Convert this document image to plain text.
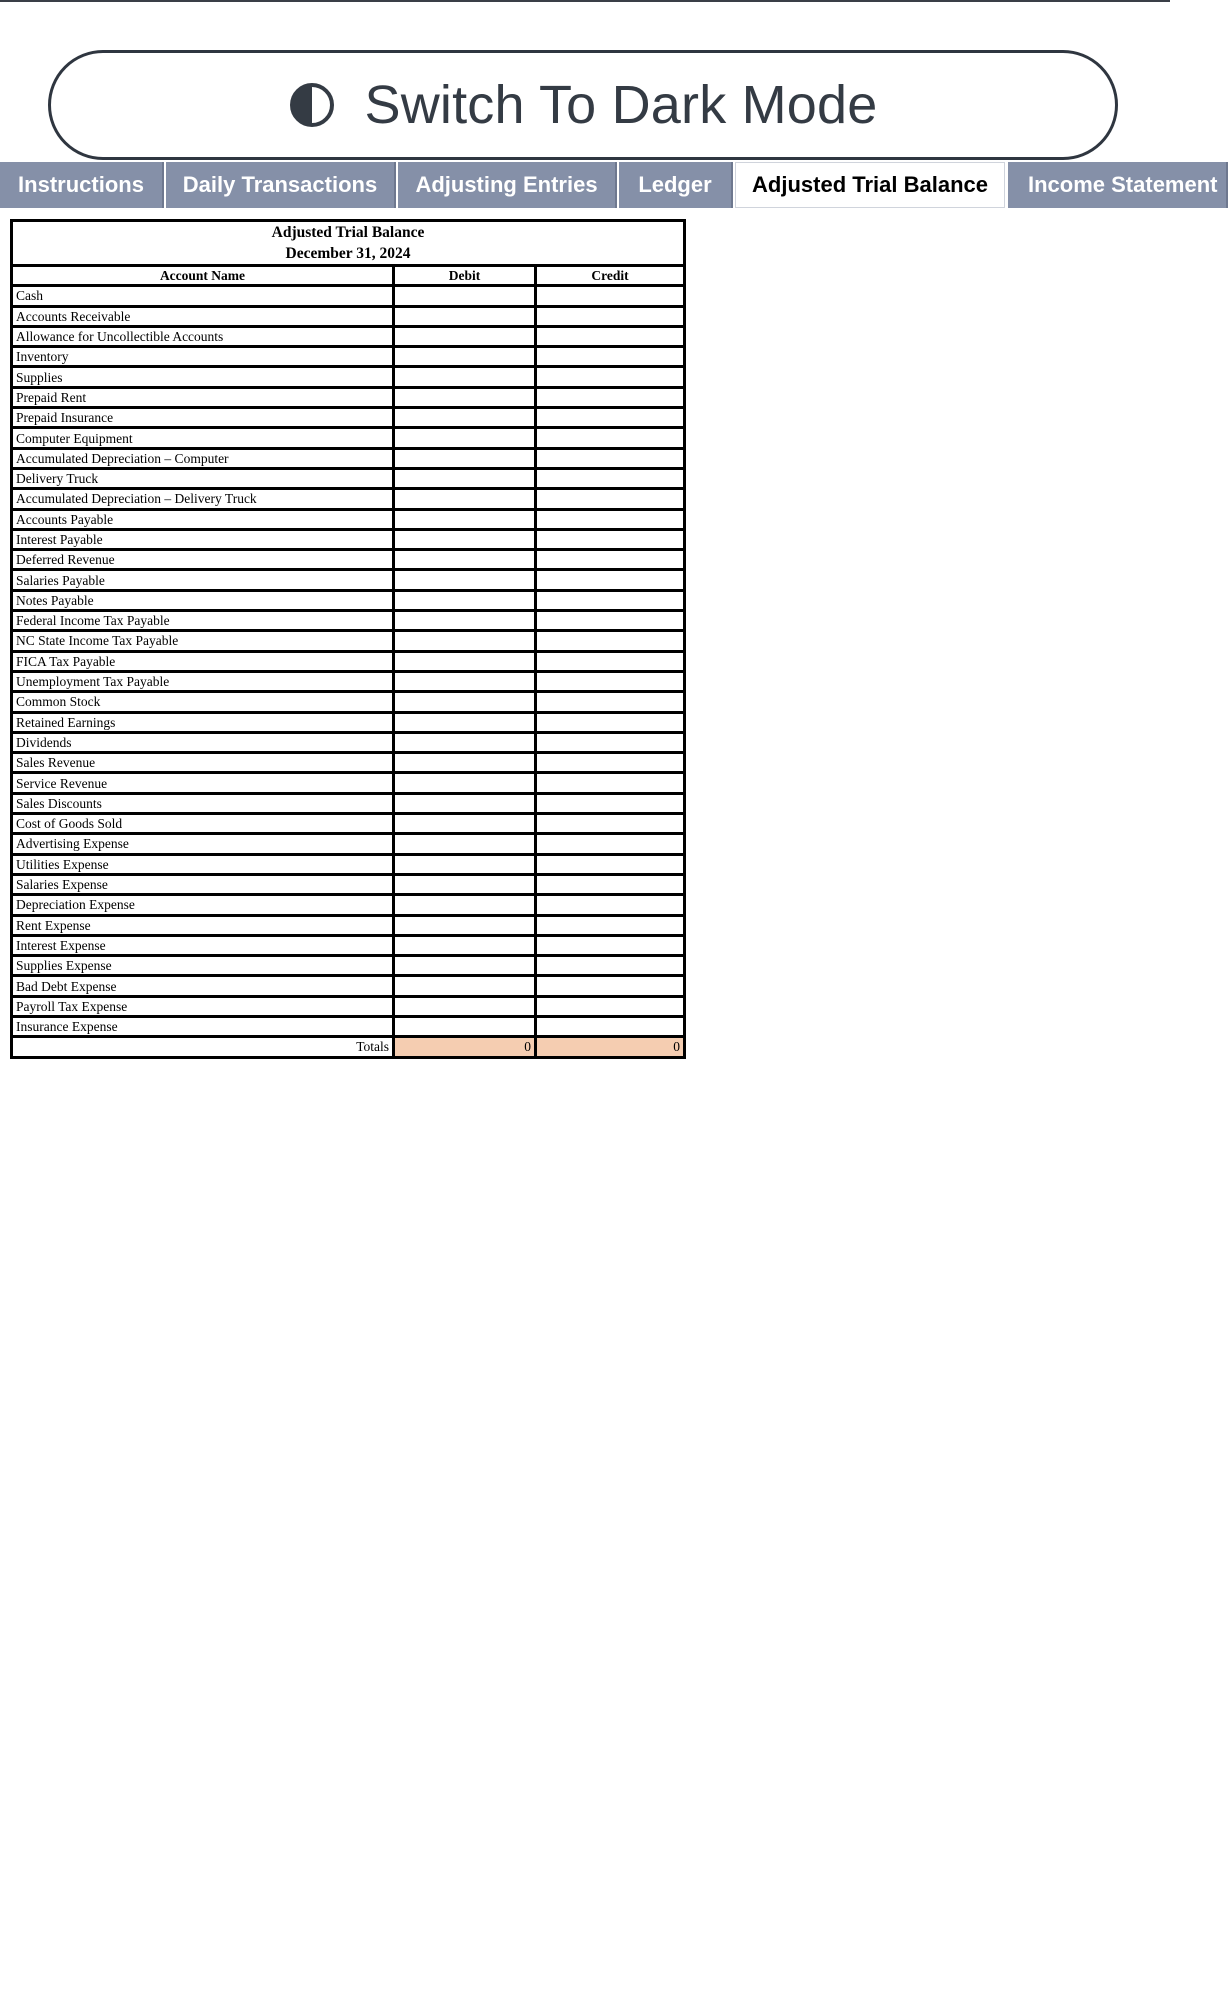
Switch To Dark Mode
Instructions	Daily Transactions	Adjusting Entries	Ledger	Adjusted Trial Balance	Income Statement
Adjusted Trial Balance
December 31, 2024		

Account Name	Debit	Credit
Cash		
Accounts Receivable		
Allowance for Uncollectible Accounts		
Inventory		
Supplies		
Prepaid Rent		
Prepaid Insurance		
Computer Equipment		
Accumulated Depreciation – Computer		
Delivery Truck		
Accumulated Depreciation – Delivery Truck		
Accounts Payable		
Interest Payable		
Deferred Revenue		
Salaries Payable		
Notes Payable		
Federal Income Tax Payable		
NC State Income Tax Payable		
FICA Tax Payable		
Unemployment Tax Payable		
Common Stock		
Retained Earnings		
Dividends		
Sales Revenue		
Service Revenue		
Sales Discounts		
Cost of Goods Sold		
Advertising Expense		
Utilities Expense		
Salaries Expense		
Depreciation Expense		
Rent Expense		
Interest Expense		
Supplies Expense		
Bad Debt Expense		
Payroll Tax Expense		
Insurance Expense		
Totals	0	0
